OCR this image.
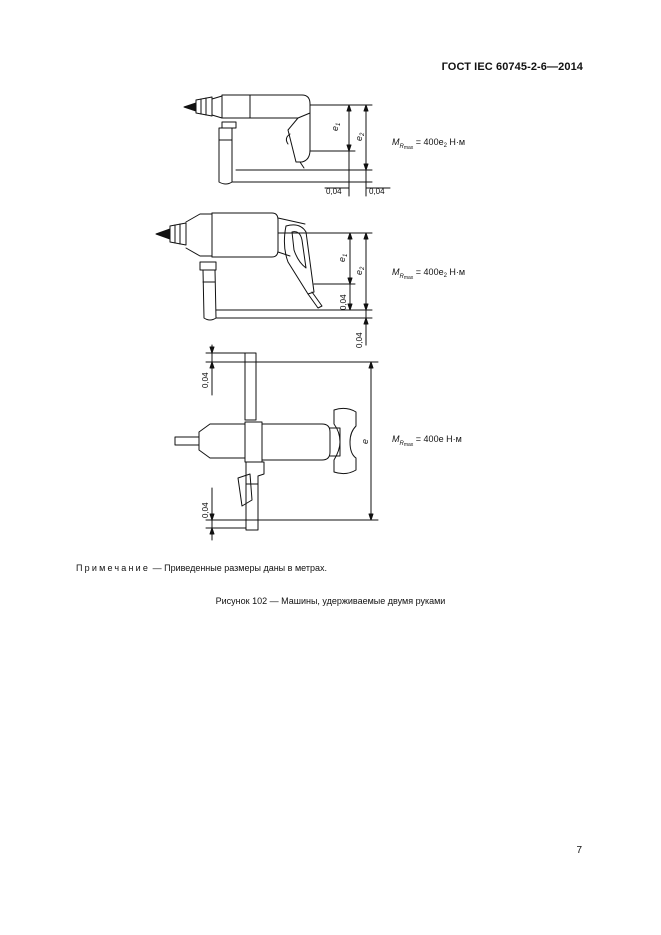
ГОСТ IEC 60745-2-6—2014
$e_1$
$e_2$
0,04	0,04
$M_R\max = 400e_2$ Н·м
$e_1$
$e_2$
0,04
0,04
$M_R\max = 400e_2$ Н·м
0,04
0,04
e $M_R\max = 400e$ Н·м
Примечание — Приведенные размеры даны в метрах.
Рисунок 102 — Машины, удерживаемые двумя руками
7
